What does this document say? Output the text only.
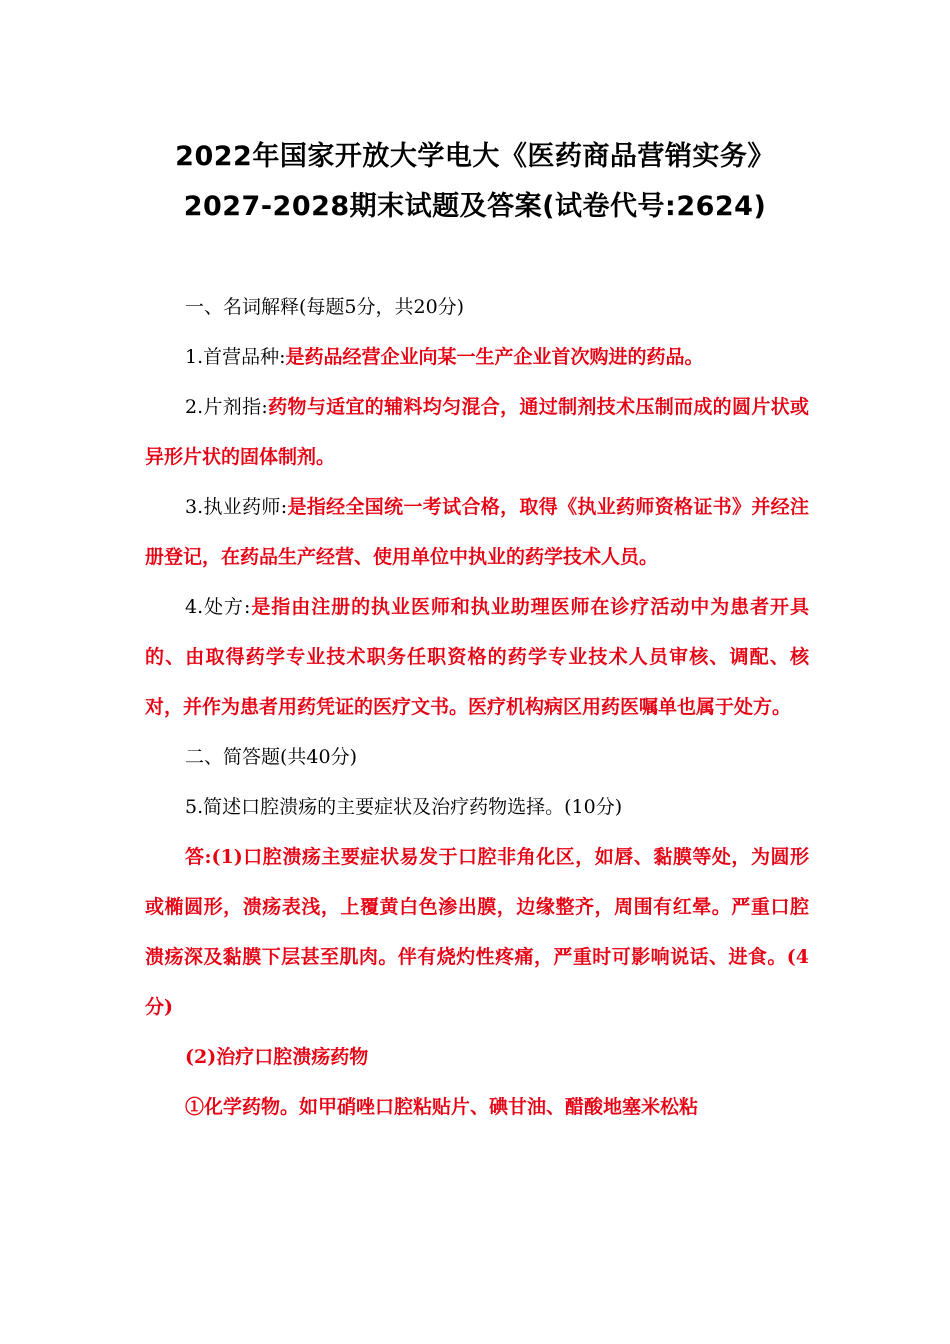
2022年国家开放大学电大《医药商品营销实务》
2027-2028期末试题及答案(试卷代号:2624)

一、名词解释(每题5分，共20分)

1.首营品种:是药品经营企业向某一生产企业首次购进的药品。

2.片剂指:药物与适宜的辅料均匀混合，通过制剂技术压制而成的圆片状或异形片状的固体制剂。

3.执业药师:是指经全国统一考试合格，取得《执业药师资格证书》并经注册登记，在药品生产经营、使用单位中执业的药学技术人员。

4.处方:是指由注册的执业医师和执业助理医师在诊疗活动中为患者开具的、由取得药学专业技术职务任职资格的药学专业技术人员审核、调配、核对，并作为患者用药凭证的医疗文书。医疗机构病区用药医嘱单也属于处方。

二、简答题(共40分)

5.简述口腔溃疡的主要症状及治疗药物选择。(10分)

答:(1)口腔溃疡主要症状易发于口腔非角化区，如唇、黏膜等处，为圆形或椭圆形，溃疡表浅，上覆黄白色渗出膜，边缘整齐，周围有红晕。严重口腔溃疡深及黏膜下层甚至肌肉。伴有烧灼性疼痛，严重时可影响说话、进食。(4分)

(2)治疗口腔溃疡药物

①化学药物。如甲硝唑口腔粘贴片、碘甘油、醋酸地塞米松粘
